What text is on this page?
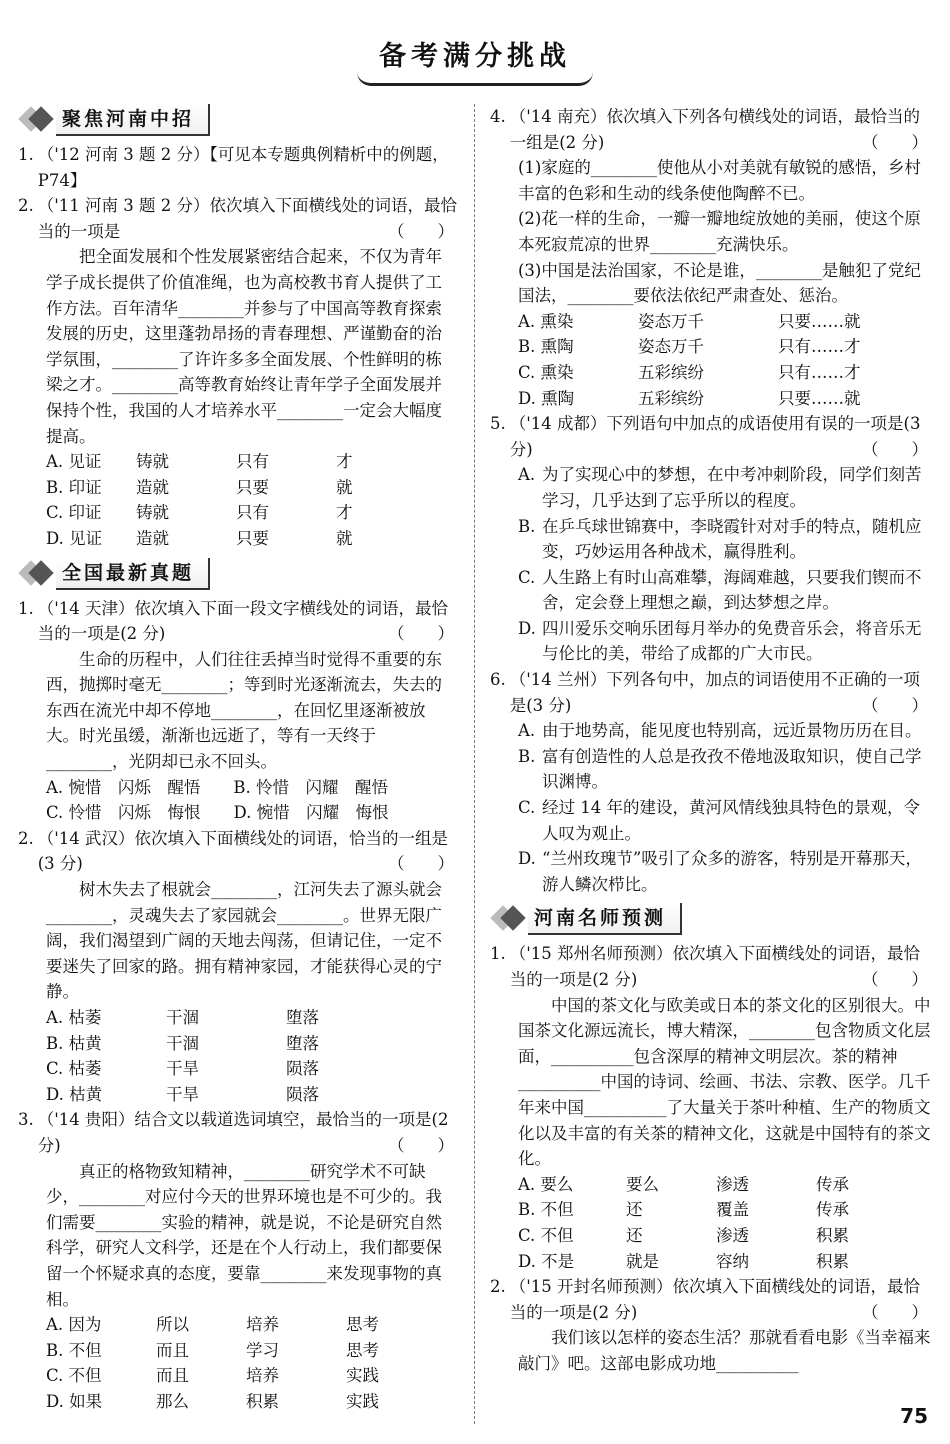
备考满分挑战
聚焦河南中招
1. （'12 河南 3 题 2 分）【可见本专题典例精析中的例题，P74】
2. （'11 河南 3 题 2 分）依次填入下面横线处的词语，最恰当的一项是	（　　）

把全面发展和个性发展紧密结合起来，不仅为青年学子成长提供了价值准绳，也为高校教书育人提供了工作方法。百年清华________并参与了中国高等教育探索发展的历史，这里蓬勃昂扬的青春理想、严谨勤奋的治学氛围，________了许许多多全面发展、个性鲜明的栋梁之才。________高等教育始终让青年学子全面发展并保持个性，我国的人才培养水平________一定会大幅度提高。

A. 见证	铸就	只有	才
B. 印证	造就	只要	就
C. 印证	铸就	只有	才
D. 见证	造就	只要	就
全国最新真题
1. （'14 天津）依次填入下面一段文字横线处的词语，最恰当的一项是(2 分)	（　　）

生命的历程中，人们往往丢掉当时觉得不重要的东西，抛掷时毫无________；等到时光逐渐流去，失去的东西在流光中却不停地________，在回忆里逐渐被放大。时光虽缓，渐渐也远逝了，等有一天终于________，光阴却已永不回头。

A. 惋惜　闪烁　醒悟　　B. 怜惜　闪耀　醒悟
C. 怜惜　闪烁　悔恨　　D. 惋惜　闪耀　悔恨
2. （'14 武汉）依次填入下面横线处的词语，恰当的一组是(3 分)	（　　）

树木失去了根就会________，江河失去了源头就会________，灵魂失去了家园就会________。世界无限广阔，我们渴望到广阔的天地去闯荡，但请记住，一定不要迷失了回家的路。拥有精神家园，才能获得心灵的宁静。

A. 枯萎	干涸	堕落
B. 枯黄	干涸	堕落
C. 枯萎	干旱	陨落
D. 枯黄	干旱	陨落
3. （'14 贵阳）结合文以载道选词填空，最恰当的一项是(2 分)	（　　）

真正的格物致知精神，________研究学术不可缺少，________对应付今天的世界环境也是不可少的。我们需要________实验的精神，就是说，不论是研究自然科学，研究人文科学，还是在个人行动上，我们都要保留一个怀疑求真的态度，要靠________来发现事物的真相。

A. 因为	所以	培养	思考
B. 不但	而且	学习	思考
C. 不但	而且	培养	实践
D. 如果	那么	积累	实践
4. （'14 南充）依次填入下列各句横线处的词语，最恰当的一组是(2 分)	（　　）
(1)家庭的________使他从小对美就有敏锐的感悟，乡村丰富的色彩和生动的线条使他陶醉不已。
(2)花一样的生命，一瓣一瓣地绽放她的美丽，使这个原本死寂荒凉的世界________充满快乐。
(3)中国是法治国家，不论是谁，________是触犯了党纪国法，________要依法依纪严肃查处、惩治。
A. 熏染	姿态万千	只要……就
B. 熏陶	姿态万千	只有……才
C. 熏染	五彩缤纷	只有……才
D. 熏陶	五彩缤纷	只要……就
5. （'14 成都）下列语句中加点的成语使用有误的一项是(3 分)	（　　）
A. 为了实现心中的梦想，在中考冲刺阶段，同学们刻苦学习，几乎达到了忘乎所以的程度。
B. 在乒乓球世锦赛中，李晓霞针对对手的特点，随机应变，巧妙运用各种战术，赢得胜利。
C. 人生路上有时山高难攀，海阔难越，只要我们锲而不舍，定会登上理想之巅，到达梦想之岸。
D. 四川爱乐交响乐团每月举办的免费音乐会，将音乐无与伦比的美，带给了成都的广大市民。
6. （'14 兰州）下列各句中，加点的词语使用不正确的一项是(3 分)	（　　）
A. 由于地势高，能见度也特别高，远近景物历历在目。
B. 富有创造性的人总是孜孜不倦地汲取知识，使自己学识渊博。
C. 经过 14 年的建设，黄河风情线独具特色的景观，令人叹为观止。
D. “兰州玫瑰节”吸引了众多的游客，特别是开幕那天，游人鳞次栉比。
河南名师预测
1. （'15 郑州名师预测）依次填入下面横线处的词语，最恰当的一项是(2 分)	（　　）

中国的茶文化与欧美或日本的茶文化的区别很大。中国茶文化源远流长，博大精深，________包含物质文化层面，__________包含深厚的精神文明层次。茶的精神__________中国的诗词、绘画、书法、宗教、医学。几千年来中国__________了大量关于茶叶种植、生产的物质文化以及丰富的有关茶的精神文化，这就是中国特有的茶文化。

A. 要么	要么	渗透	传承
B. 不但	还	覆盖	传承
C. 不但	还	渗透	积累
D. 不是	就是	容纳	积累
2. （'15 开封名师预测）依次填入下面横线处的词语，最恰当的一项是(2 分)	（　　）

我们该以怎样的姿态生活？那就看看电影《当幸福来敲门》吧。这部电影成功地__________

75
